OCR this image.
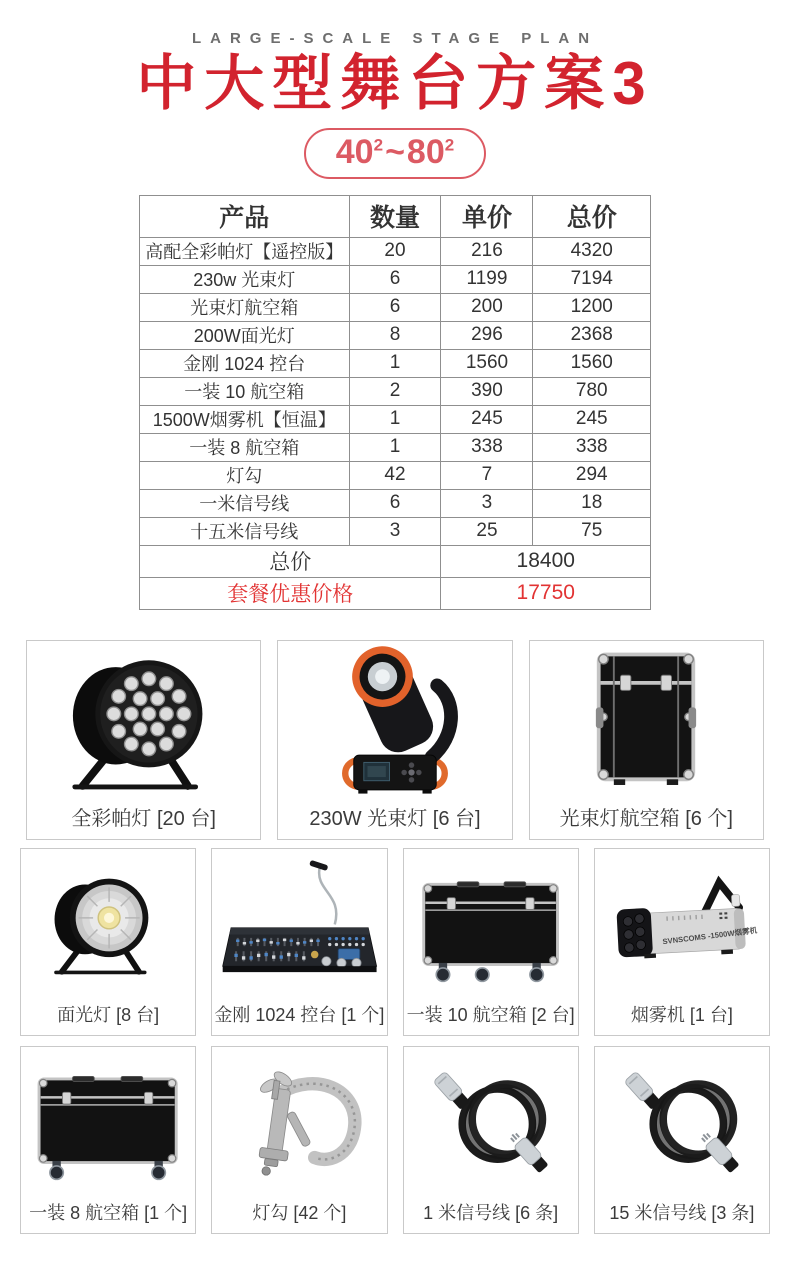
LARGE-SCALE STAGE PLAN
中大型舞台方案3
$40^2\sim 80^2$
产品	数量	单价	总价
高配全彩帕灯【遥控版】	20	216	4320
230w 光束灯	6	1199	7194
光束灯航空箱	6	200	1200
200W面光灯	8	296	2368
金刚 1024 控台	1	1560	1560
一装 10 航空箱	2	390	780
1500W烟雾机【恒温】	1	245	245
一装 8 航空箱	1	338	338
灯勾	42	7	294
一米信号线	6	3	18
十五米信号线	3	25	75
总价		18400	
套餐优惠价格		17750	
全彩帕灯 [20 台]	230W 光束灯 [6 台]	光束灯航空箱 [6 个]
面光灯 [8 台]	金刚 1024 控台 [1 个] 一装 10 航空箱 [2 台]
SVNSCOMS -1500W烟雾机
烟雾机 [1 台]
一装 8 航空箱 [1 个]	灯勾 [42 个]	1 米信号线 [6 条]	15 米信号线 [3 条]
